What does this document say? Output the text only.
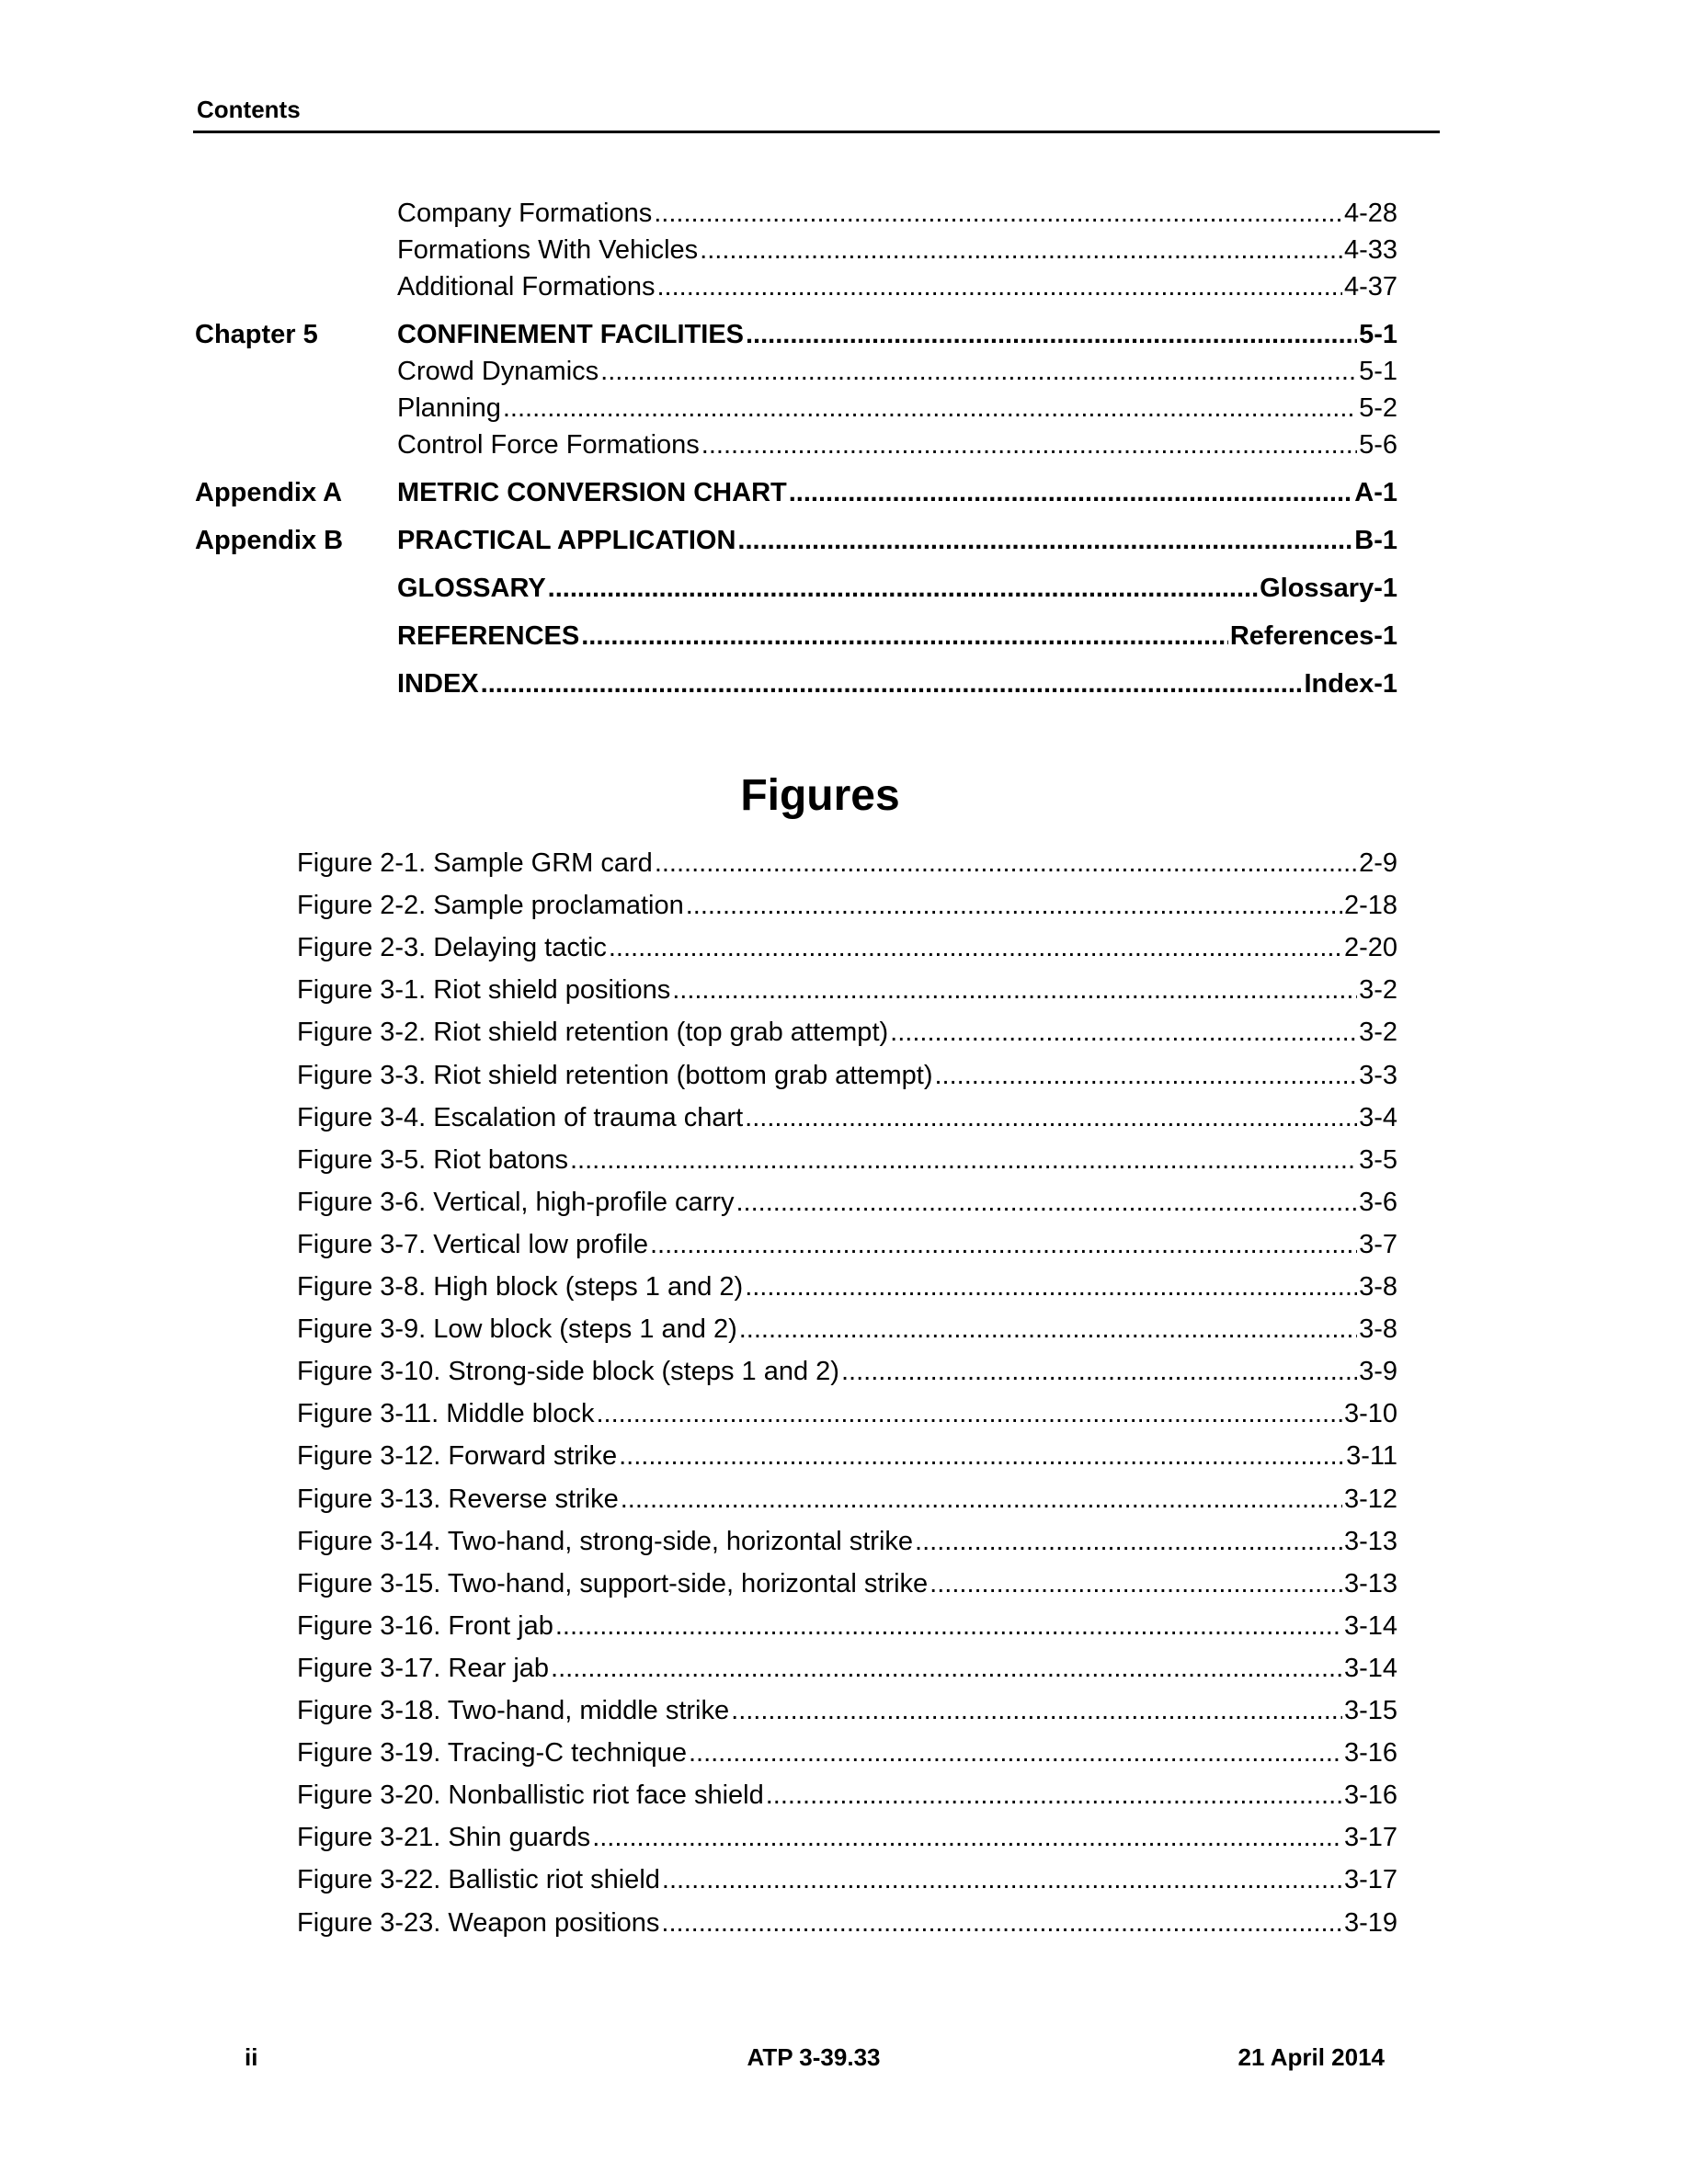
Contents
Company Formations .....	4-28
Formations With Vehicles .....	4-33
Additional Formations .....	4-37
Chapter 5	CONFINEMENT FACILITIES .....	5-1
Crowd Dynamics .....	5-1
Planning .....	5-2
Control Force Formations .....	5-6
Appendix A	METRIC CONVERSION CHART .....	A-1
Appendix B	PRACTICAL APPLICATION .....	B-1
GLOSSARY .....	Glossary-1
REFERENCES .....	References-1
INDEX .....	Index-1
Figures
Figure 2-1. Sample GRM card .....	2-9
Figure 2-2. Sample proclamation .....	2-18
Figure 2-3. Delaying tactic .....	2-20
Figure 3-1. Riot shield positions .....	3-2
Figure 3-2. Riot shield retention (top grab attempt) .....	3-2
Figure 3-3. Riot shield retention (bottom grab attempt) .....	3-3
Figure 3-4. Escalation of trauma chart .....	3-4
Figure 3-5. Riot batons .....	3-5
Figure 3-6. Vertical, high-profile carry .....	3-6
Figure 3-7. Vertical low profile .....	3-7
Figure 3-8. High block (steps 1 and 2) .....	3-8
Figure 3-9. Low block (steps 1 and 2) .....	3-8
Figure 3-10. Strong-side block (steps 1 and 2) .....	3-9
Figure 3-11. Middle block .....	3-10
Figure 3-12. Forward strike .....	3-11
Figure 3-13. Reverse strike .....	3-12
Figure 3-14. Two-hand, strong-side, horizontal strike .....	3-13
Figure 3-15. Two-hand, support-side, horizontal strike .....	3-13
Figure 3-16. Front jab .....	3-14
Figure 3-17. Rear jab .....	3-14
Figure 3-18. Two-hand, middle strike .....	3-15
Figure 3-19. Tracing-C technique .....	3-16
Figure 3-20. Nonballistic riot face shield .....	3-16
Figure 3-21. Shin guards .....	3-17
Figure 3-22. Ballistic riot shield .....	3-17
Figure 3-23. Weapon positions .....	3-19
ii	ATP 3-39.33	21 April 2014
